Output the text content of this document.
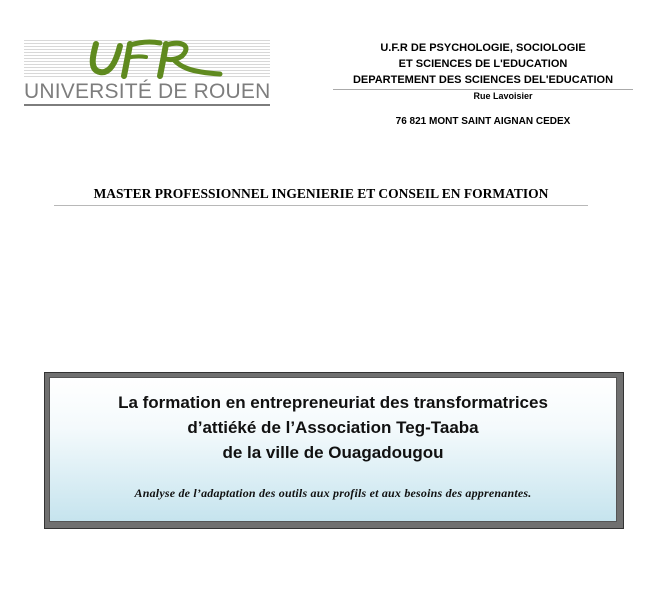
UNIVERSITÉ DE ROUEN
U.F.R DE PSYCHOLOGIE, SOCIOLOGIE
ET SCIENCES DE L'EDUCATION
DEPARTEMENT DES SCIENCES DEL'EDUCATION
Rue Lavoisier
76 821 MONT SAINT AIGNAN CEDEX
MASTER PROFESSIONNEL INGENIERIE ET CONSEIL EN FORMATION
La formation en entrepreneuriat des transformatrices
d’attiéké de l’Association Teg-Taaba
de la ville de Ouagadougou
Analyse de l’adaptation des outils aux profils et aux besoins des apprenantes.
